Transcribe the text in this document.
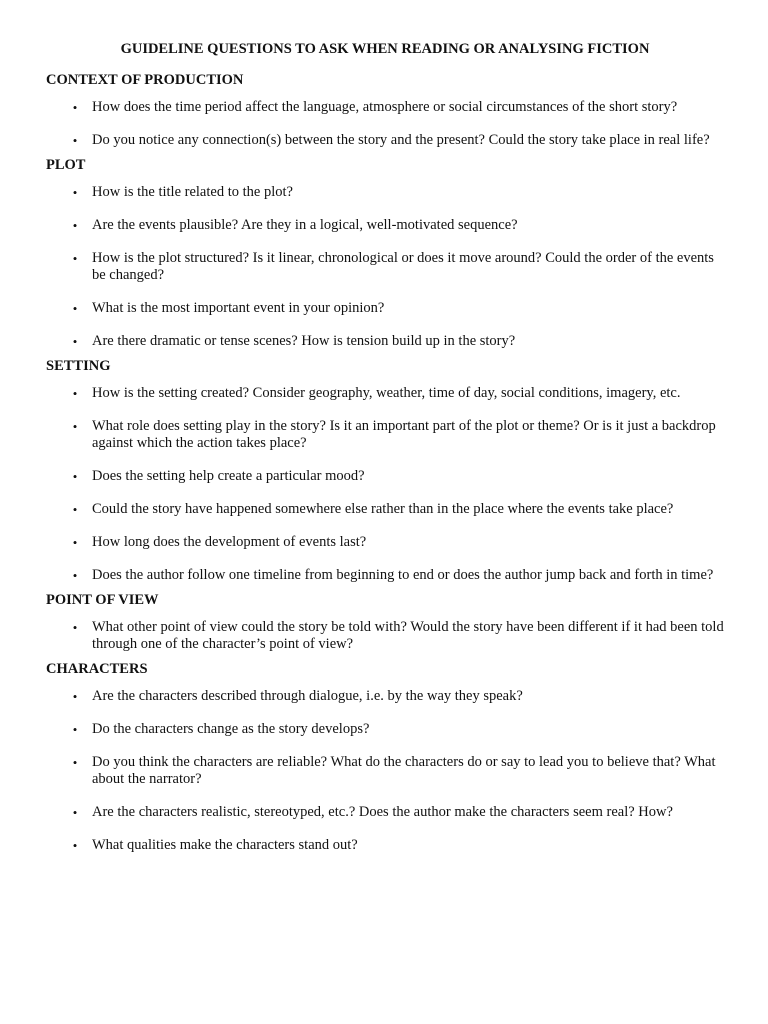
GUIDELINE QUESTIONS TO ASK WHEN READING OR ANALYSING FICTION
CONTEXT OF PRODUCTION
• How does the time period affect the language, atmosphere or social circumstances of the short story?
• Do you notice any connection(s) between the story and the present? Could the story take place in real life?
PLOT
• How is the title related to the plot?
• Are the events plausible? Are they in a logical, well-motivated sequence?
• How is the plot structured? Is it linear, chronological or does it move around? Could the order of the events be changed?
• What is the most important event in your opinion?
• Are there dramatic or tense scenes? How is tension build up in the story?
SETTING
• How is the setting created? Consider geography, weather, time of day, social conditions, imagery, etc.
• What role does setting play in the story? Is it an important part of the plot or theme? Or is it just a backdrop against which the action takes place?
• Does the setting help create a particular mood?
• Could the story have happened somewhere else rather than in the place where the events take place?
• How long does the development of events last?
• Does the author follow one timeline from beginning to end or does the author jump back and forth in time?
POINT OF VIEW
• What other point of view could the story be told with? Would the story have been different if it had been told through one of the character’s point of view?
CHARACTERS
• Are the characters described through dialogue, i.e. by the way they speak?
• Do the characters change as the story develops?
• Do you think the characters are reliable? What do the characters do or say to lead you to believe that? What about the narrator?
• Are the characters realistic, stereotyped, etc.? Does the author make the characters seem real? How?
• What qualities make the characters stand out?
